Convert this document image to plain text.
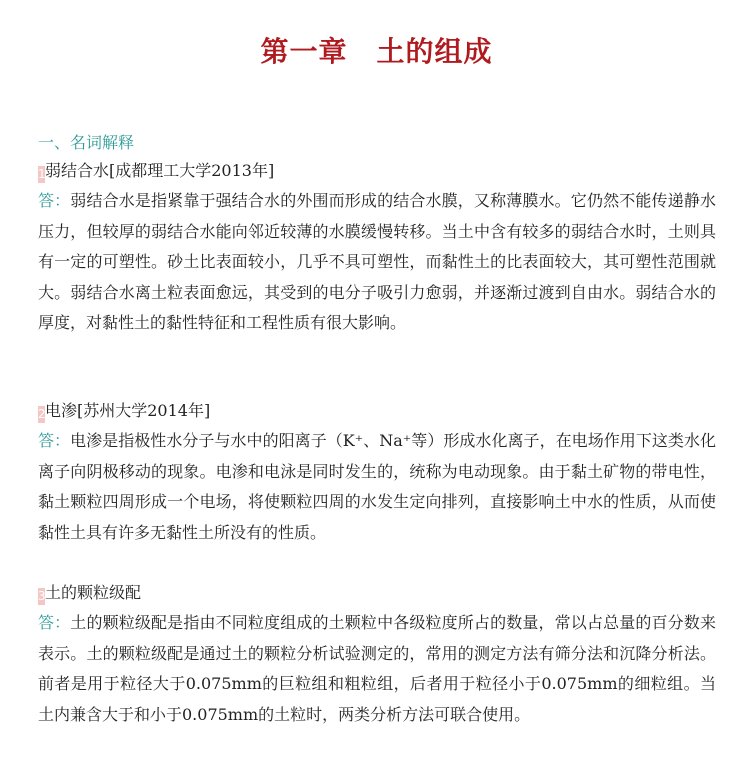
第一章　土的组成
一、名词解释
1弱结合水[成都理工大学2013年]
答：弱结合水是指紧靠于强结合水的外围而形成的结合水膜，又称薄膜水。它仍然不能传递静水压力，但较厚的弱结合水能向邻近较薄的水膜缓慢转移。当土中含有较多的弱结合水时，土则具有一定的可塑性。砂土比表面较小，几乎不具可塑性，而黏性土的比表面较大，其可塑性范围就大。弱结合水离土粒表面愈远，其受到的电分子吸引力愈弱，并逐渐过渡到自由水。弱结合水的厚度，对黏性土的黏性特征和工程性质有很大影响。
2电渗[苏州大学2014年]
答：电渗是指极性水分子与水中的阳离子（K⁺、Na⁺等）形成水化离子，在电场作用下这类水化离子向阴极移动的现象。电渗和电泳是同时发生的，统称为电动现象。由于黏土矿物的带电性，黏土颗粒四周形成一个电场，将使颗粒四周的水发生定向排列，直接影响土中水的性质，从而使黏性土具有许多无黏性土所没有的性质。
3土的颗粒级配
答：土的颗粒级配是指由不同粒度组成的土颗粒中各级粒度所占的数量，常以占总量的百分数来表示。土的颗粒级配是通过土的颗粒分析试验测定的，常用的测定方法有筛分法和沉降分析法。前者是用于粒径大于0.075mm的巨粒组和粗粒组，后者用于粒径小于0.075mm的细粒组。当土内兼含大于和小于0.075mm的土粒时，两类分析方法可联合使用。
